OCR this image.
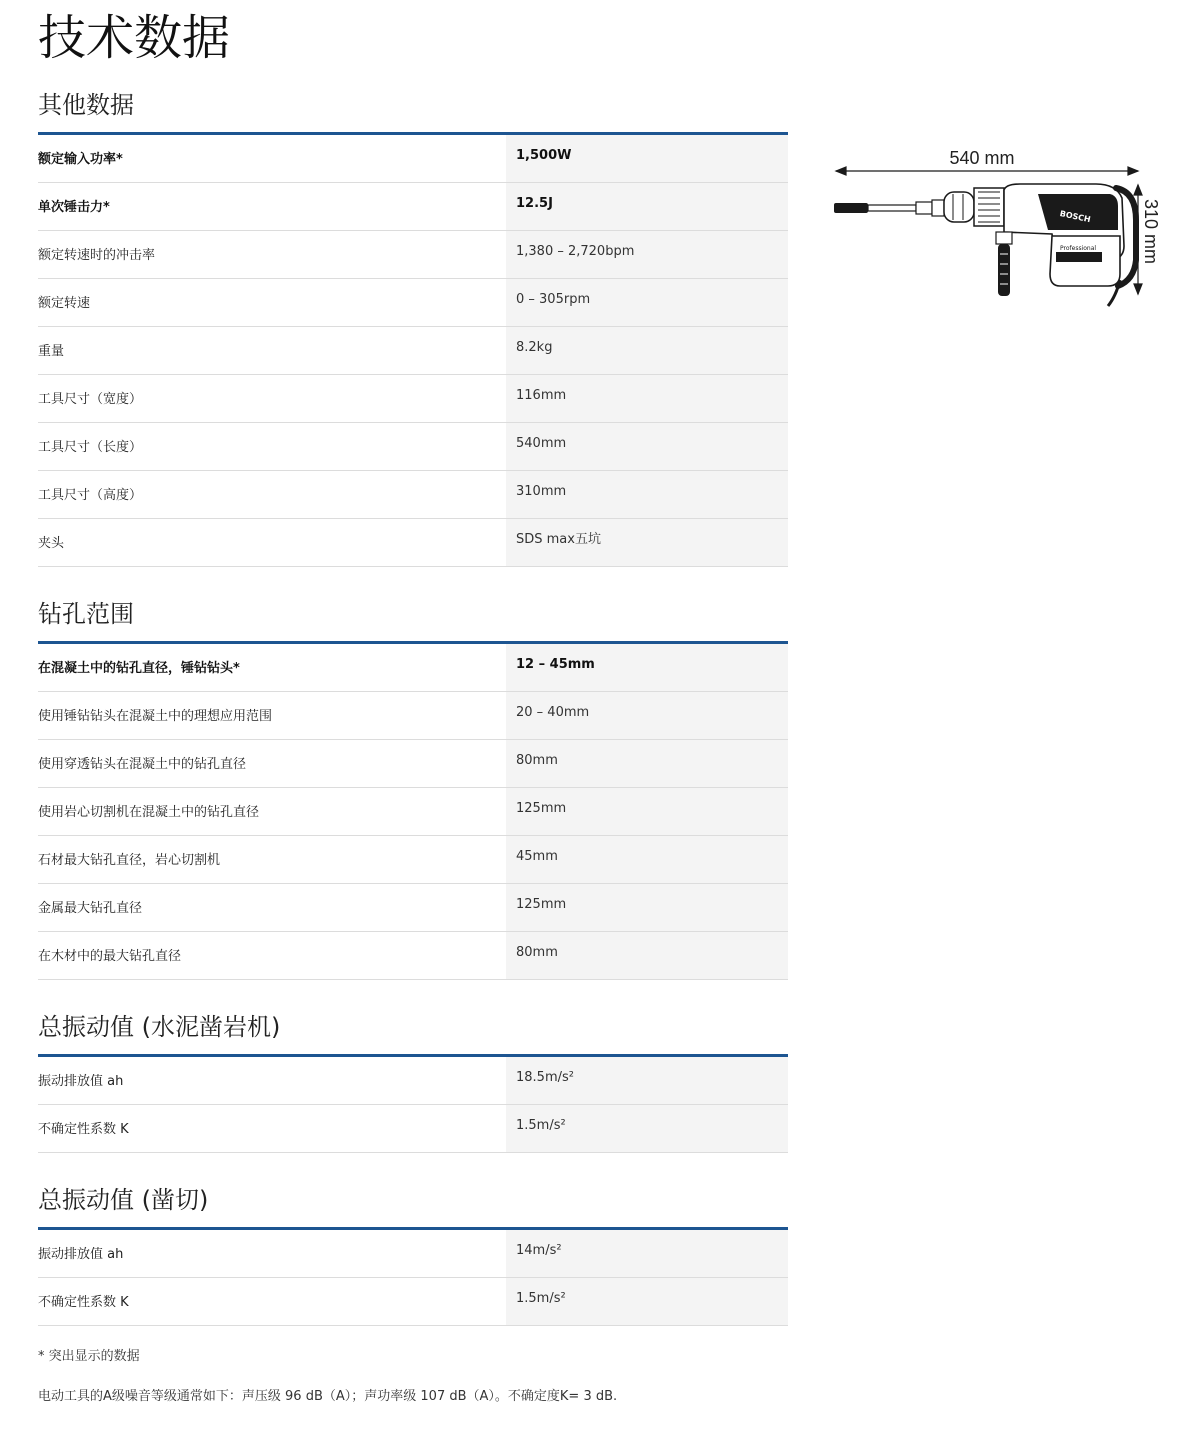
技术数据
其他数据
额定输入功率*	1,500W
单次锤击力*	12.5J
额定转速时的冲击率	1,380 – 2,720bpm
额定转速	0 – 305rpm
重量	8.2kg
工具尺寸（宽度）	116mm
工具尺寸（长度）	540mm
工具尺寸（高度）	310mm
夹头	SDS max五坑
钻孔范围
在混凝土中的钻孔直径，锤钻钻头*	12 – 45mm
使用锤钻钻头在混凝土中的理想应用范围	20 – 40mm
使用穿透钻头在混凝土中的钻孔直径	80mm
使用岩心切割机在混凝土中的钻孔直径	125mm
石材最大钻孔直径，岩心切割机	45mm
金属最大钻孔直径	125mm
在木材中的最大钻孔直径	80mm
总振动值 (水泥凿岩机)
振动排放值 ah	18.5m/s²
不确定性系数 K	1.5m/s²
总振动值 (凿切)
振动排放值 ah	14m/s²
不确定性系数 K	1.5m/s²

* 突出显示的数据

电动工具的A级噪音等级通常如下：声压级 96 dB（A）；声功率级 107 dB（A）。不确定度K= 3 dB.

540 mm
310 mm
BOSCH
Professional
